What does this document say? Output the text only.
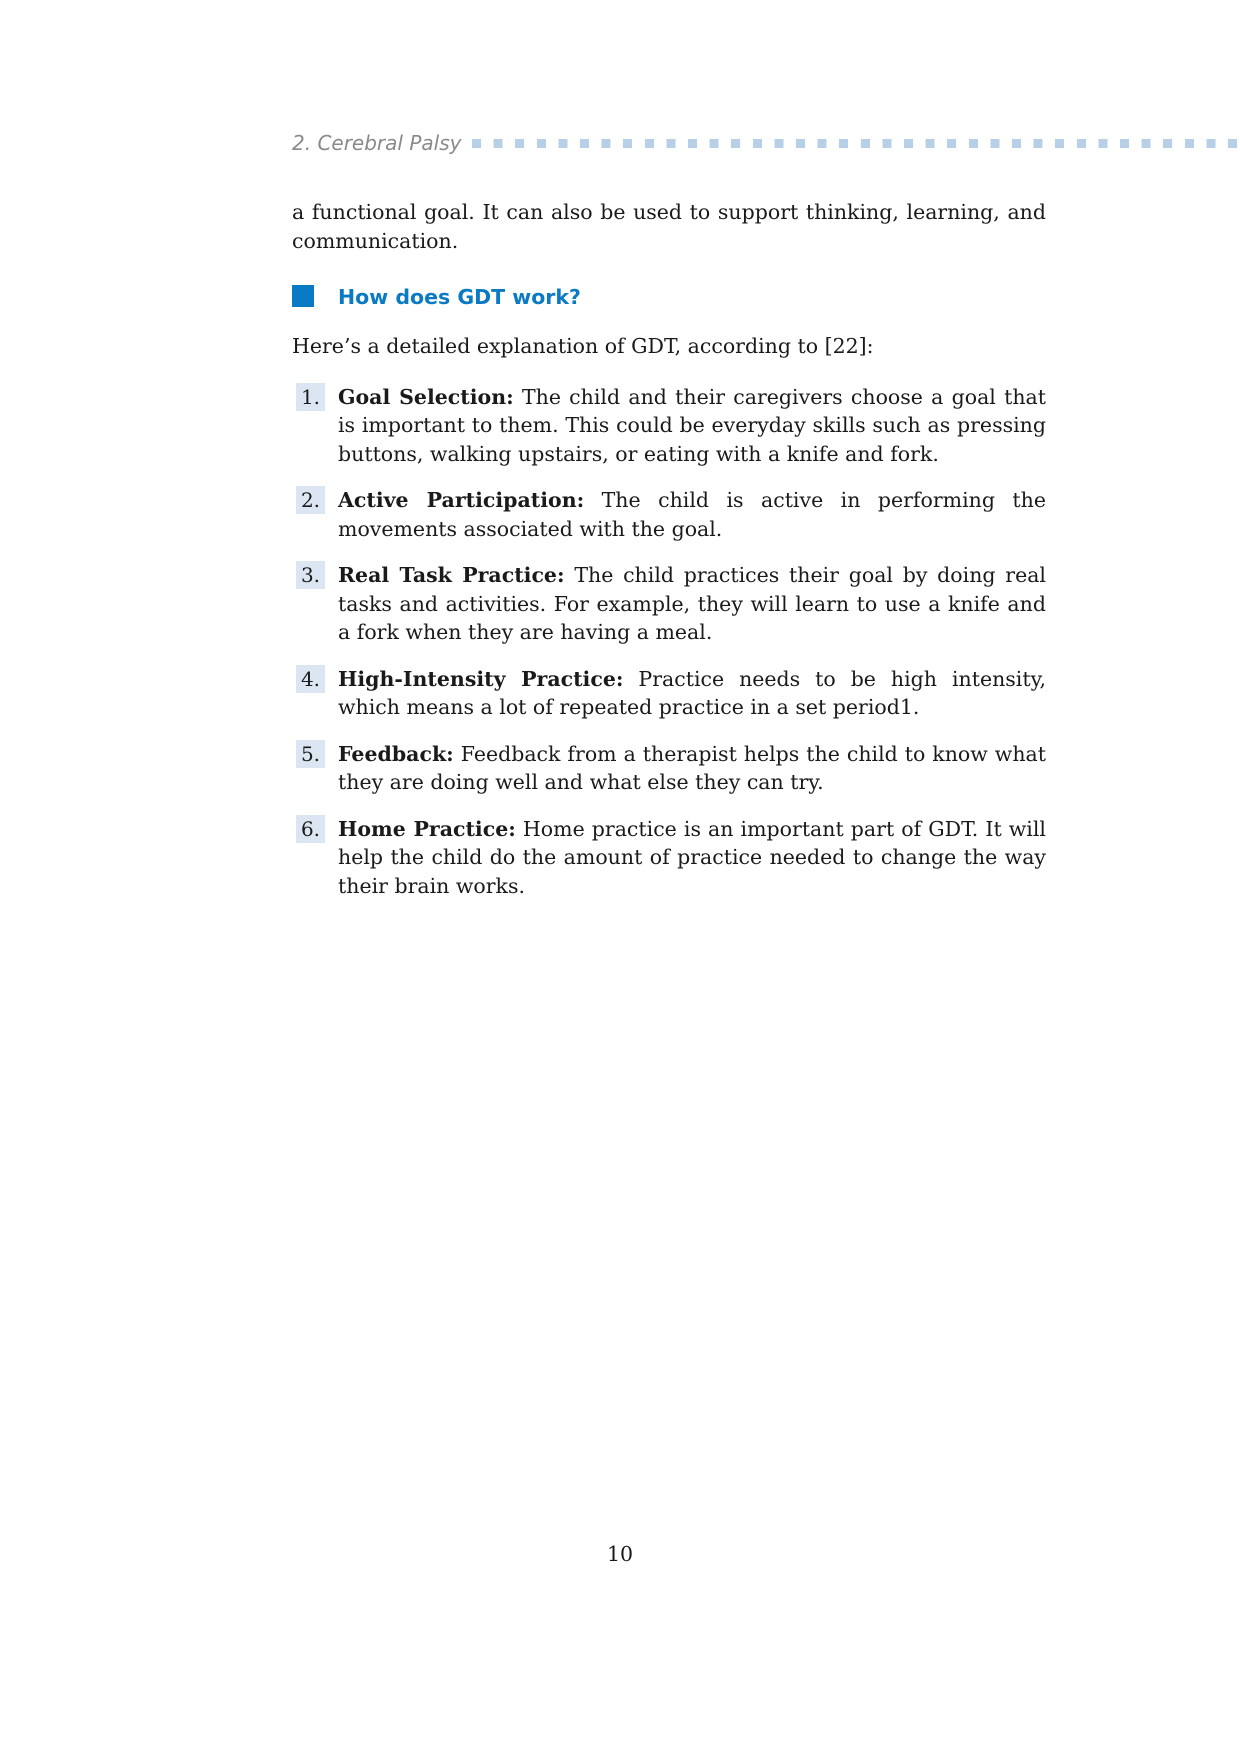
2. Cerebral Palsy

a functional goal. It can also be used to support thinking, learning, and communication.

How does GDT work?

Here’s a detailed explanation of GDT, according to [22]:

1. Goal Selection: The child and their caregivers choose a goal that is important to them. This could be everyday skills such as pressing buttons, walking upstairs, or eating with a knife and fork.
2. Active Participation: The child is active in performing the movements associated with the goal.
3. Real Task Practice: The child practices their goal by doing real tasks and activities. For example, they will learn to use a knife and a fork when they are having a meal.
4. High-Intensity Practice: Practice needs to be high intensity, which means a lot of repeated practice in a set period1.
5. Feedback: Feedback from a therapist helps the child to know what they are doing well and what else they can try.
6. Home Practice: Home practice is an important part of GDT. It will help the child do the amount of practice needed to change the way their brain works.
10
